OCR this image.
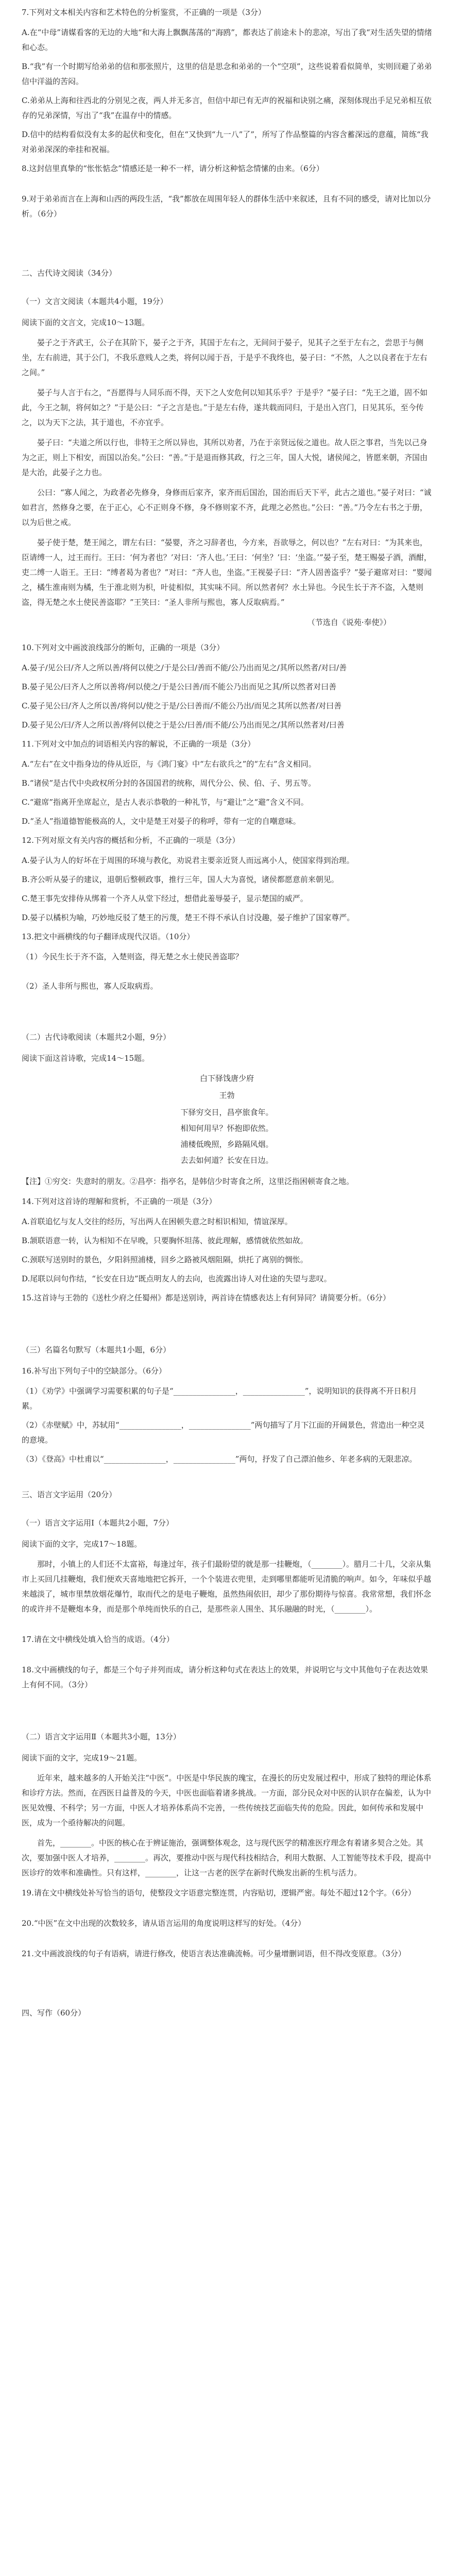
7.下列对文本相关内容和艺术特色的分析鉴赏，不正确的一项是（3分）

A.在“中母”请媒看客的无边的大地“和大海上飘飘荡荡的“海鸥”，都表达了前途未卜的悲凉，写出了我“对生活失望的情绪和心态。

B.“我”有一个时期写给弟弟的信和那张照片，这里的信是思念和弟弟的一个“空项”，这些说着看似简单，实则回避了弟弟信中洋溢的苦闷。

C.弟弟从上海和往西北的分别见之夜，两人并无多言，但信中却已有无声的祝福和诀别之痛，深刻体现出手足兄弟相互依存的兄弟深情，写出了“我”在温存中的情感。

D.信中的结构看似没有太多的起伏和变化，但在“又快到“九一八”了”，所写了作品整篇的内容含蓄深远的意蕴，简练“我对弟弟深深的牵挂和祝福。

8.这封信里真挚的“怅怅惦念”情感还是一种不一样，请分析这种惦念情愫的由来。（6分）

9.对于弟弟而言在上海和山西的两段生活，“我”都放在周围年轻人的群体生活中来叙述，且有不同的感受，请对比加以分析。（6分）

二、古代诗文阅读（34分）

（一）文言文阅读（本题共4小题，19分）

阅读下面的文言文，完成10～13题。

晏子之于齐武王，公子在其阶下，晏子之于齐，其国于左右之，无间问于晏子，见其子之至于左右之，尝思于与侧坐，左右前进，其于公门，不我乐意贱人之类，将何以闻于吾，于是乎不我终也，晏子曰：“不然，人之以良者在于左右之间。”

晏子与人言于右之，“吾愿得与人同乐而不得，天下之人安危何以知其乐乎？于是乎？”晏子曰：“先王之道，固不如此，今王之制，将何如之？”于是公曰：“子之言是也。”于是左右侍，遂共载而同归，于是出入宫门，日见其乐，至今传之，以为天下之法，其于道也，不亦宜乎。

晏子曰：“夫道之所以行也，非特王之所以异也，其所以劝者，乃在于亲贤远佞之道也。故人臣之事君，当先以己身为之正，则上下相安，而国以治矣。”公曰：“善。”于是退而修其政，行之三年，国人大悦，诸侯闻之，皆愿来朝，齐国由是大治，此晏子之力也。

公曰：“寡人闻之，为政者必先修身，身修而后家齐，家齐而后国治，国治而后天下平，此古之道也。”晏子对曰：“诚如君言，然修身之要，在于正心，心不正则身不修，身不修则家不齐，此理之必然也。”公曰：“善。”乃令左右书之于册，以为后世之戒。

晏子使于楚，楚王闻之，谓左右曰：“晏婴，齐之习辞者也，今方来，吾欲辱之，何以也？”左右对曰：“为其来也，臣请缚一人，过王而行。王曰：‘何为者也？’对曰：‘齐人也。’王曰：‘何坐？’曰：‘坐盗。’”晏子至，楚王赐晏子酒，酒酣，吏二缚一人诣王。王曰：“缚者曷为者也？”对曰：“齐人也，坐盗。”王视晏子曰：“齐人固善盗乎？”晏子避席对曰：“婴闻之，橘生淮南则为橘，生于淮北则为枳，叶徒相似，其实味不同。所以然者何？水土异也。今民生长于齐不盗，入楚则盗，得无楚之水土使民善盗耶？”王笑曰：“圣人非所与熙也，寡人反取病焉。”

（节选自《说苑·奉使》）

10.下列对文中画波浪线部分的断句，正确的一项是（3分）

A.晏子/见公曰/齐人之所以善/将何以使之/于是公曰/善而不能/公乃出而见之/其所以然者/对曰/善

B.晏子见公/曰齐人之所以善将/何以使之/于是公曰善/而不能公乃出而见之其/所以然者对曰善

C.晏子见公曰/齐人之所以善/将何以/使之于是/公曰善而/不能公乃出/而见之其所以然者/对曰善

D.晏子见公/曰/齐人之所以善/将何以使之于是公/曰善/而不能/公乃出而见之/其所以然者对/曰善

11.下列对文中加点的词语相关内容的解说，不正确的一项是（3分）

A.“左右”在文中指身边的侍从近臣，与《鸿门宴》中“左右欲兵之”的“左右”含义相同。

B.“诸侯”是古代中央政权所分封的各国国君的统称，周代分公、侯、伯、子、男五等。

C.“避席”指离开坐席起立，是古人表示恭敬的一种礼节，与“避让”之“避”含义不同。

D.“圣人”指道德智能极高的人，文中是楚王对晏子的称呼，带有一定的自嘲意味。

12.下列对原文有关内容的概括和分析，不正确的一项是（3分）

A.晏子认为人的好坏在于周围的环境与教化，劝说君主要亲近贤人而远离小人，使国家得到治理。

B.齐公听从晏子的建议，退朝后整顿政事，推行三年，国人大为喜悦，诸侯都愿意前来朝见。

C.楚王事先安排侍从绑着一个齐人从堂下经过，想借此羞辱晏子，显示楚国的威严。

D.晏子以橘枳为喻，巧妙地反驳了楚王的污蔑，楚王不得不承认自讨没趣，晏子维护了国家尊严。

13.把文中画横线的句子翻译成现代汉语。（10分）

（1）今民生长于齐不盗，入楚则盗，得无楚之水土使民善盗耶？

（2）圣人非所与熙也，寡人反取病焉。

（二）古代诗歌阅读（本题共2小题，9分）

阅读下面这首诗歌，完成14～15题。

白下驿饯唐少府

王勃

下驿穷交日，昌亭旅食年。

相知何用早？怀抱即依然。

浦楼低晚照，乡路隔风烟。

去去如何道？长安在日边。

【注】①穷交：失意时的朋友。②昌亭：指亭名，是韩信少时寄食之所，这里泛指困顿寄食之地。

14.下列对这首诗的理解和赏析，不正确的一项是（3分）

A.首联追忆与友人交往的经历，写出两人在困顿失意之时相识相知，情谊深厚。

B.颔联语意一转，认为相知不在早晚，只要胸怀坦荡、彼此理解，感情就依然如故。

C.颈联写送别时的景色，夕阳斜照浦楼，回乡之路被风烟阻隔，烘托了离别的惆怅。

D.尾联以问句作结，“长安在日边”既点明友人的去向，也流露出诗人对仕途的失望与悲叹。

15.这首诗与王勃的《送杜少府之任蜀州》都是送别诗，两首诗在情感表达上有何异同？请简要分析。（6分）

（三）名篇名句默写（本题共1小题，6分）

16.补写出下列句子中的空缺部分。（6分）

（1）《劝学》中强调学习需要积累的句子是“________________，________________”，说明知识的获得离不开日积月累。

（2）《赤壁赋》中，苏轼用“________________，________________”两句描写了月下江面的开阔景色，营造出一种空灵的意境。

（3）《登高》中杜甫以“________________，________________”两句，抒发了自己漂泊他乡、年老多病的无限悲凉。

三、语言文字运用（20分）

（一）语言文字运用Ⅰ（本题共2小题，7分）

阅读下面的文字，完成17～18题。

那时，小镇上的人们还不太富裕，每逢过年，孩子们最盼望的就是那一挂鞭炮，（________）。腊月二十几，父亲从集市上买回几挂鞭炮，我们便欢天喜地地把它拆开，一个个装进衣兜里，走到哪里都能听见清脆的响声。如今，年味似乎越来越淡了，城市里禁放烟花爆竹，取而代之的是电子鞭炮，虽然热闹依旧，却少了那份期待与惊喜。我常常想，我们怀念的或许并不是鞭炮本身，而是那个单纯而快乐的自己，是那些亲人围坐、其乐融融的时光，（________）。

17.请在文中横线处填入恰当的成语。（4分）

18.文中画横线的句子，都是三个句子并列而成，请分析这种句式在表达上的效果，并说明它与文中其他句子在表达效果上有何不同。（3分）

（二）语言文字运用Ⅱ（本题共3小题，13分）

阅读下面的文字，完成19～21题。

近年来，越来越多的人开始关注“中医”。中医是中华民族的瑰宝，在漫长的历史发展过程中，形成了独特的理论体系和诊疗方法。然而，在西医日益普及的今天，中医也面临着诸多挑战。一方面，部分民众对中医的认识存在偏差，认为中医见效慢、不科学；另一方面，中医人才培养体系尚不完善，一些传统技艺面临失传的危险。因此，如何传承和发展中医，成为一个亟待解决的问题。

首先，________。中医的核心在于辨证施治，强调整体观念，这与现代医学的精准医疗理念有着诸多契合之处。其次，要加强中医人才培养，________。再次，要推动中医与现代科技相结合，利用大数据、人工智能等技术手段，提高中医诊疗的效率和准确性。只有这样，________，让这一古老的医学在新时代焕发出新的生机与活力。

19.请在文中横线处补写恰当的语句，使整段文字语意完整连贯，内容贴切，逻辑严密。每处不超过12个字。（6分）

20.“中医”在文中出现的次数较多，请从语言运用的角度说明这样写的好处。（4分）

21.文中画波浪线的句子有语病，请进行修改，使语言表达准确流畅。可少量增删词语，但不得改变原意。（3分）

四、写作（60分）
